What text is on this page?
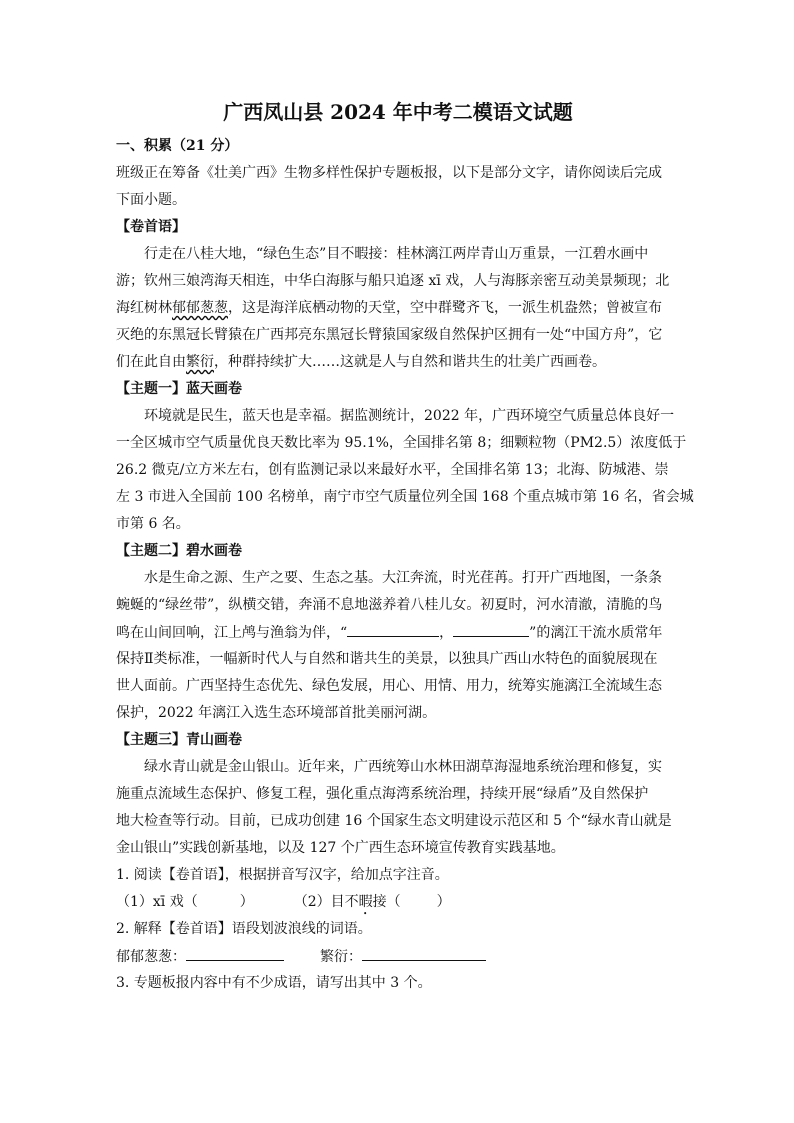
广西凤山县 2024 年中考二模语文试题
一、积累（21 分）
班级正在筹备《壮美广西》生物多样性保护专题板报，以下是部分文字，请你阅读后完成
下面小题。
【卷首语】
行走在八桂大地，“绿色生态”目不暇接：桂林漓江两岸青山万重景，一江碧水画中
游；钦州三娘湾海天相连，中华白海豚与船只追逐 xī 戏，人与海豚亲密互动美景频现；北
海红树林郁郁葱葱，这是海洋底栖动物的天堂，空中群鹭齐飞，一派生机盎然；曾被宣布
灭绝的东黑冠长臂猿在广西邦亮东黑冠长臂猿国家级自然保护区拥有一处“中国方舟”，它
们在此自由繁衍，种群持续扩大……这就是人与自然和谐共生的壮美广西画卷。
【主题一】蓝天画卷
环境就是民生，蓝天也是幸福。据监测统计，2022 年，广西环境空气质量总体良好一
一全区城市空气质量优良天数比率为 95.1%，全国排名第 8；细颗粒物（PM2.5）浓度低于
26.2 微克/立方米左右，创有监测记录以来最好水平，全国排名第 13；北海、防城港、崇
左 3 市进入全国前 100 名榜单，南宁市空气质量位列全国 168 个重点城市第 16 名，省会城
市第 6 名。
【主题二】碧水画卷
水是生命之源、生产之要、生态之基。大江奔流，时光荏苒。打开广西地图，一条条
蜿蜒的“绿丝带”，纵横交错，奔涌不息地滋养着八桂儿女。初夏时，河水清澈，清脆的鸟
鸣在山间回响，江上鸬与渔翁为伴，“	，	”的漓江干流水质常年
保持Ⅱ类标准，一幅新时代人与自然和谐共生的美景，以独具广西山水特色的面貌展现在
世人面前。广西坚持生态优先、绿色发展，用心、用情、用力，统筹实施漓江全流域生态
保护，2022 年漓江入选生态环境部首批美丽河湖。
【主题三】青山画卷
绿水青山就是金山银山。近年来，广西统筹山水林田湖草海湿地系统治理和修复，实
施重点流域生态保护、修复工程，强化重点海湾系统治理，持续开展“绿盾”及自然保护
地大检查等行动。目前，已成功创建 16 个国家生态文明建设示范区和 5 个“绿水青山就是
金山银山”实践创新基地，以及 127 个广西生态环境宣传教育实践基地。
1. 阅读【卷首语】，根据拼音写汉字，给加点字注音。
（1）xī 戏（	）	（2）目不暇接（	）
2. 解释【卷首语】语段划波浪线的词语。
郁郁葱葱：	繁衍：
3. 专题板报内容中有不少成语，请写出其中 3 个。
